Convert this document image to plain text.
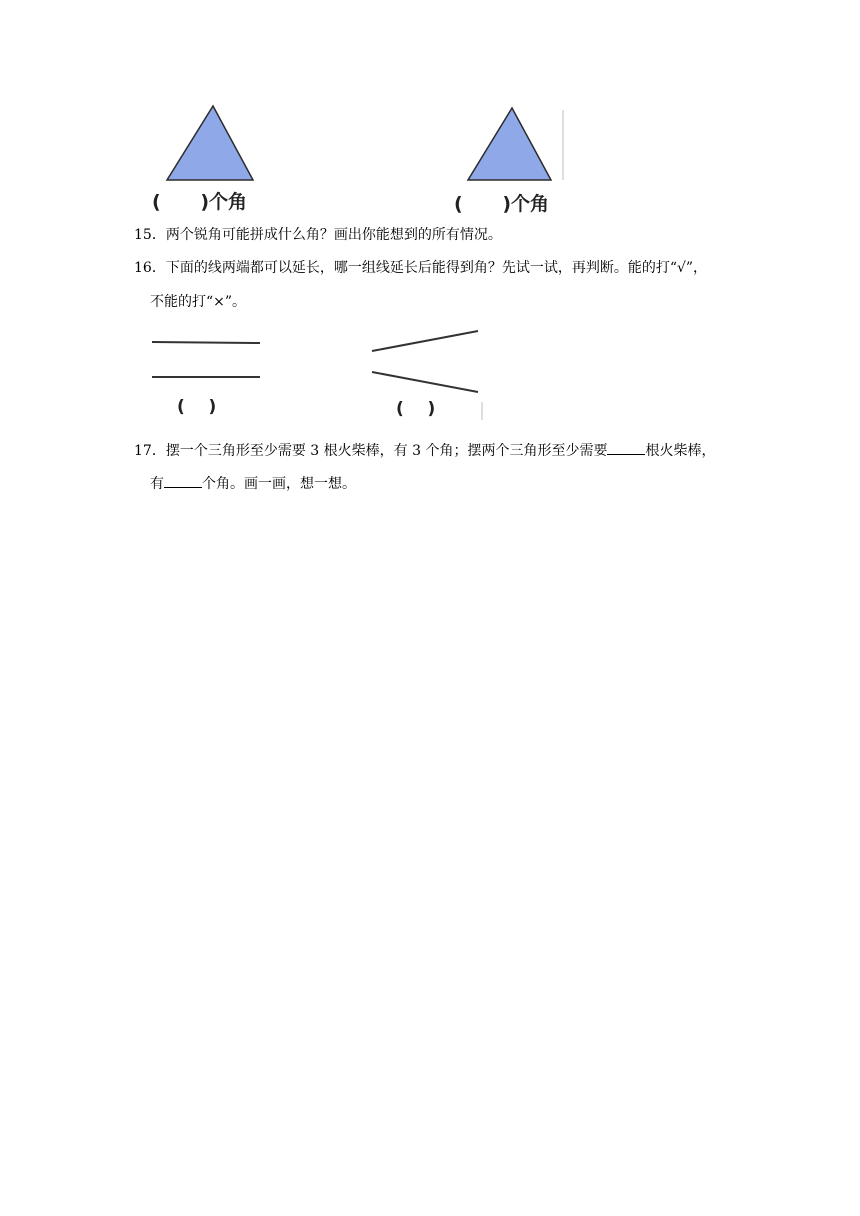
(      )个角	(      )个角
15．两个锐角可能拼成什么角？画出你能想到的所有情况。
16．下面的线两端都可以延长，哪一组线延长后能得到角？先试一试，再判断。能的打“√”，
不能的打“×”。
(    )	(    )
17．摆一个三角形至少需要 3 根火柴棒，有 3 个角；摆两个三角形至少需要	根火柴棒，
有	个角。画一画，想一想。
